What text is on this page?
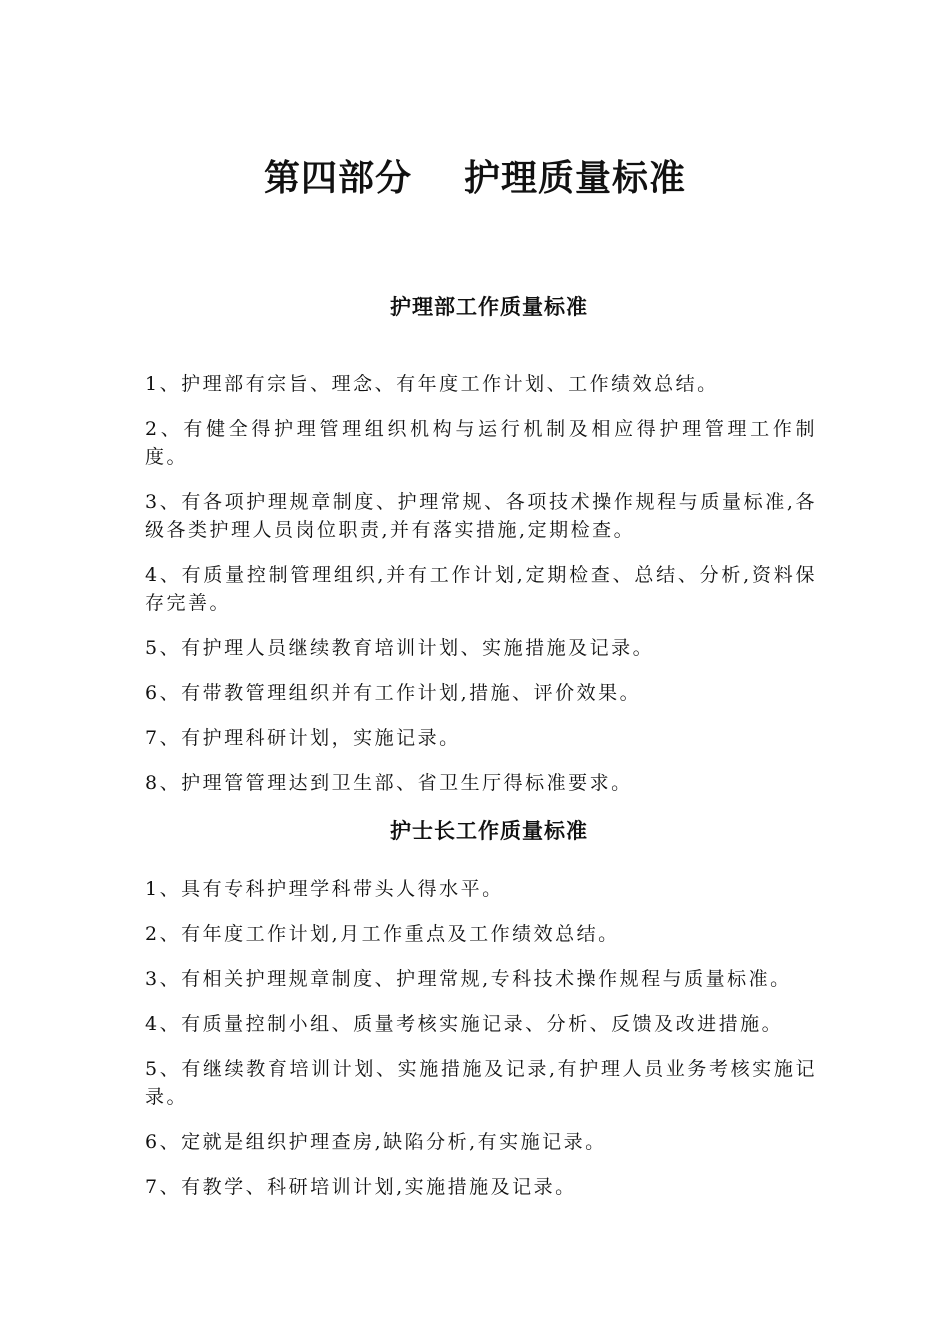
第四部分 护理质量标准
护理部工作质量标准
1、护理部有宗旨、理念、有年度工作计划、工作绩效总结。
2、有健全得护理管理组织机构与运行机制及相应得护理管理工作制度。
3、有各项护理规章制度、护理常规、各项技术操作规程与质量标准,各级各类护理人员岗位职责,并有落实措施,定期检查。
4、有质量控制管理组织,并有工作计划,定期检查、总结、分析,资料保存完善。
5、有护理人员继续教育培训计划、实施措施及记录。
6、有带教管理组织并有工作计划,措施、评价效果。
7、有护理科研计划，实施记录。
8、护理管管理达到卫生部、省卫生厅得标准要求。
护士长工作质量标准
1、具有专科护理学科带头人得水平。
2、有年度工作计划,月工作重点及工作绩效总结。
3、有相关护理规章制度、护理常规,专科技术操作规程与质量标准。
4、有质量控制小组、质量考核实施记录、分析、反馈及改进措施。
5、有继续教育培训计划、实施措施及记录,有护理人员业务考核实施记录。
6、定就是组织护理查房,缺陷分析,有实施记录。
7、有教学、科研培训计划,实施措施及记录。
